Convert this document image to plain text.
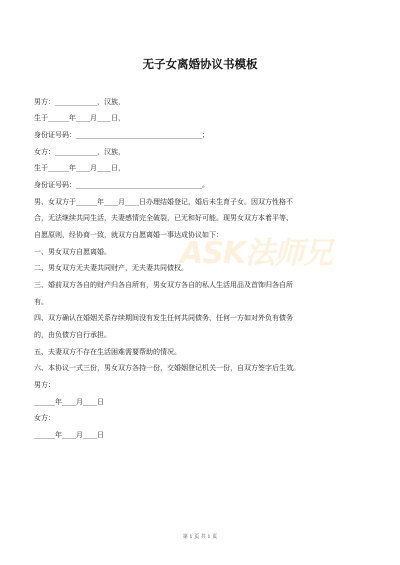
无子女离婚协议书模板
男方：____________，汉族，
生于______年____月____日，
身份证号码：____________________________________；
女方：____________，汉族，
生于______年____月____日，
身份证号码：____________________________________。
男、女双方于______年____月____日办理结婚登记，婚后未生育子女。因双方性格不
合，无法继续共同生活，夫妻感情完全破裂，已无和好可能。现男女双方本着平等、
自愿原则，经协商一致，就双方自愿离婚一事达成协议如下：
一、男女双方自愿离婚。
二、男女双方无夫妻共同财产，无夫妻共同债权。
三、婚前双方各自的财产归各自所有，男女双方各自的私人生活用品及首饰归各自所
有。
四、双方确认在婚姻关系存续期间没有发生任何共同债务，任何一方如对外负有债务
的，由负债方自行承担。
五、夫妻双方不存在生活困难需要帮助的情况。
六、本协议一式三份，男女双方各持一份，交婚姻登记机关一份，自双方签字后生效。
男方：
______年____月____日
女方：
______年____月____日
ASK法师兄
第 1 页 共 1 页
